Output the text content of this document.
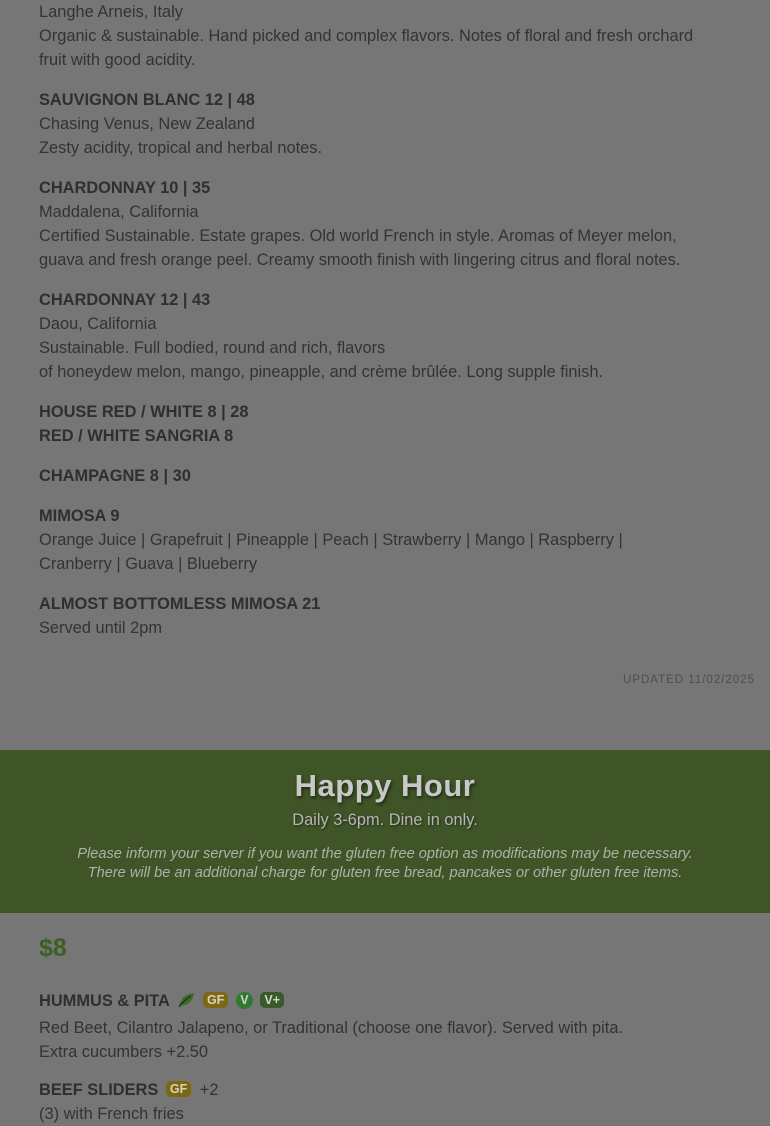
Langhe Arneis, Italy
Organic & sustainable. Hand picked and complex flavors. Notes of floral and fresh orchard
fruit with good acidity.
SAUVIGNON BLANC 12 | 48
Chasing Venus, New Zealand
Zesty acidity, tropical and herbal notes.
CHARDONNAY 10 | 35
Maddalena, California
Certified Sustainable. Estate grapes. Old world French in style. Aromas of Meyer melon,
guava and fresh orange peel. Creamy smooth finish with lingering citrus and floral notes.
CHARDONNAY 12 | 43
Daou, California
Sustainable. Full bodied, round and rich, flavors
of honeydew melon, mango, pineapple, and crème brûlée. Long supple finish.
HOUSE RED / WHITE 8 | 28
RED / WHITE SANGRIA 8
CHAMPAGNE 8 | 30
MIMOSA 9
Orange Juice | Grapefruit | Pineapple | Peach | Strawberry | Mango | Raspberry |
Cranberry | Guava | Blueberry
ALMOST BOTTOMLESS MIMOSA 21
Served until 2pm
UPDATED 11/02/2025
Happy Hour
Daily 3-6pm. Dine in only.
Please inform your server if you want the gluten free option as modifications may be necessary.
There will be an additional charge for gluten free bread, pancakes or other gluten free items.
$8
HUMMUS & PITA	GF V V+
Red Beet, Cilantro Jalapeno, or Traditional (choose one flavor). Served with pita.
Extra cucumbers +2.50
BEEF SLIDERS GF +2
(3) with French fries
